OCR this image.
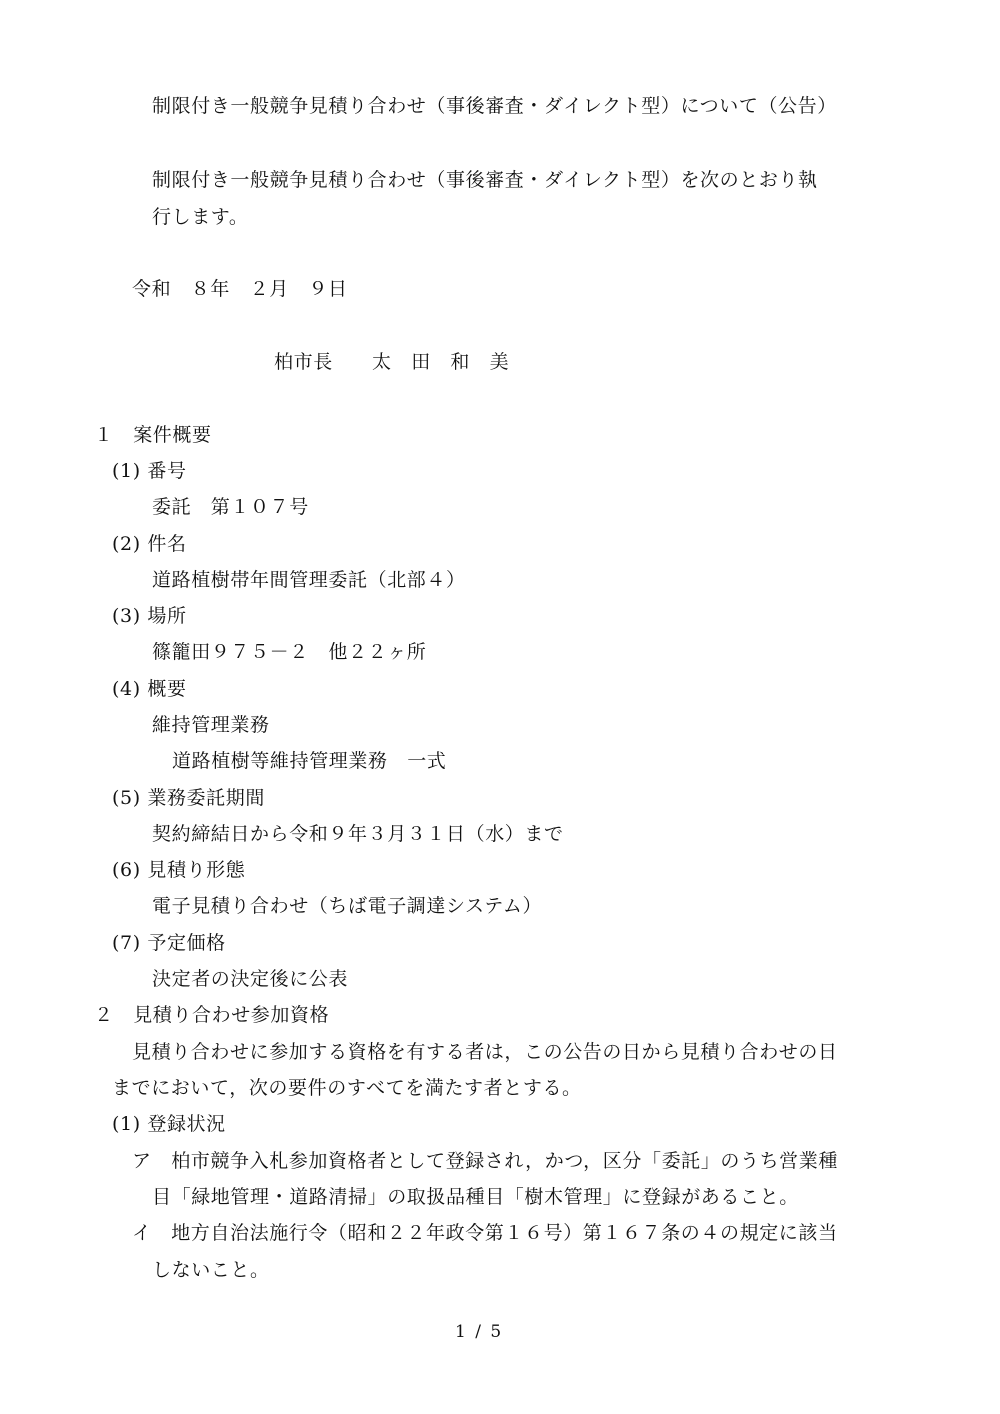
制限付き一般競争見積り合わせ（事後審査・ダイレクト型）について（公告）
制限付き一般競争見積り合わせ（事後審査・ダイレクト型）を次のとおり執
行します。
令和　８年　２月　９日
柏市長　　太　田　和　美
１　案件概要
(1) 番号
委託　第１０７号
(2) 件名
道路植樹帯年間管理委託（北部４）
(3) 場所
篠籠田９７５－２　他２２ヶ所
(4) 概要
維持管理業務
道路植樹等維持管理業務　一式
(5) 業務委託期間
契約締結日から令和９年３月３１日（水）まで
(6) 見積り形態
電子見積り合わせ（ちば電子調達システム）
(7) 予定価格
決定者の決定後に公表
２　見積り合わせ参加資格
見積り合わせに参加する資格を有する者は，この公告の日から見積り合わせの日
までにおいて，次の要件のすべてを満たす者とする。
(1) 登録状況
ア　柏市競争入札参加資格者として登録され，かつ，区分「委託」のうち営業種
目「緑地管理・道路清掃」の取扱品種目「樹木管理」に登録があること。
イ　地方自治法施行令（昭和２２年政令第１６号）第１６７条の４の規定に該当
しないこと。
1 / 5
